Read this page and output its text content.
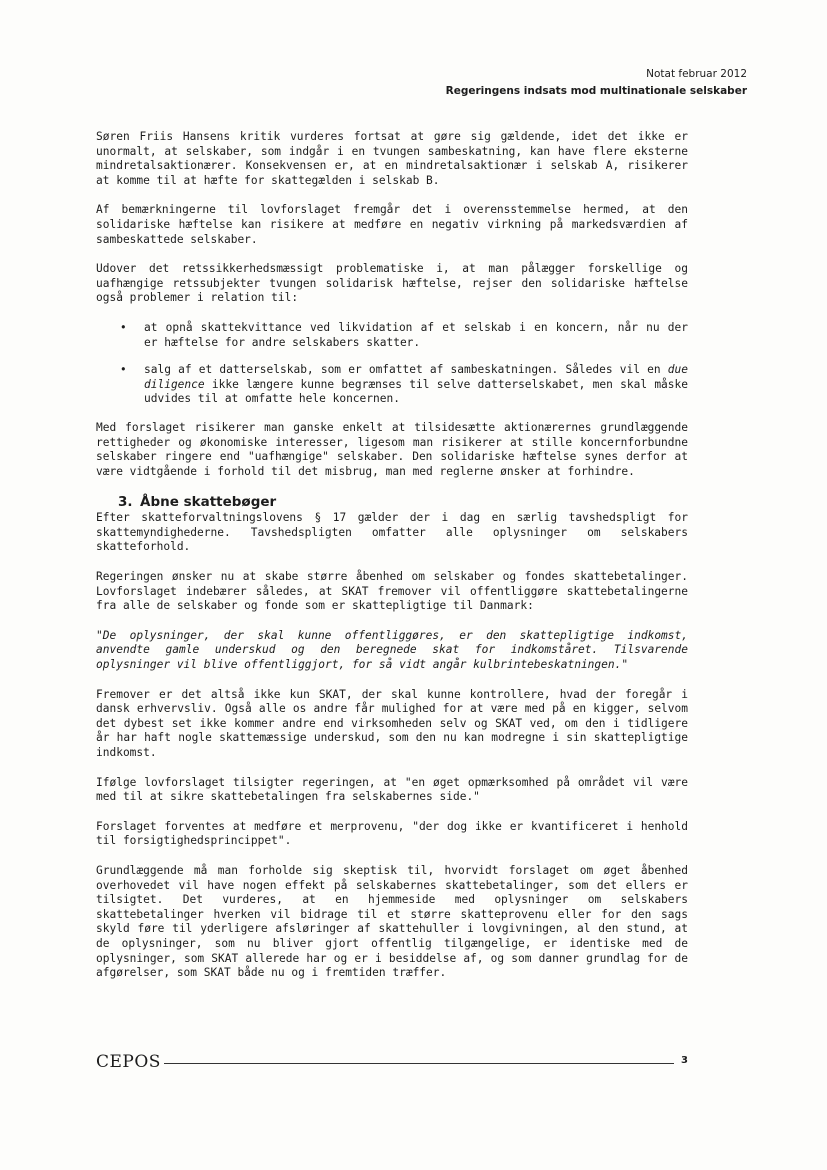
Notat februar 2012
Regeringens indsats mod multinationale selskaber

Søren Friis Hansens kritik vurderes fortsat at gøre sig gældende, idet det ikke er unormalt, at selskaber, som indgår i en tvungen sambeskatning, kan have flere eksterne mindretalsaktionærer. Konsekvensen er, at en mindretalsaktionær i selskab A, risikerer at komme til at hæfte for skattegælden i selskab B.

Af bemærkningerne til lovforslaget fremgår det i overensstemmelse hermed, at den solidariske hæftelse kan risikere at medføre en negativ virkning på markedsværdien af sambeskattede selskaber.

Udover det retssikkerhedsmæssigt problematiske i, at man pålægger forskellige og uafhængige retssubjekter tvungen solidarisk hæftelse, rejser den solidariske hæftelse også problemer i relation til:

• at opnå skattekvittance ved likvidation af et selskab i en koncern, når nu der er hæftelse for andre selskabers skatter.
• salg af et datterselskab, som er omfattet af sambeskatningen. Således vil en due diligence ikke længere kunne begrænses til selve datterselskabet, men skal måske udvides til at omfatte hele koncernen.

Med forslaget risikerer man ganske enkelt at tilsidesætte aktionærernes grundlæggende rettigheder og økonomiske interesser, ligesom man risikerer at stille koncernforbundne selskaber ringere end "uafhængige" selskaber. Den solidariske hæftelse synes derfor at være vidtgående i forhold til det misbrug, man med reglerne ønsker at forhindre.

3. Åbne skattebøger

Efter skatteforvaltningslovens § 17 gælder der i dag en særlig tavshedspligt for skattemyndighederne. Tavshedspligten omfatter alle oplysninger om selskabers skatteforhold.

Regeringen ønsker nu at skabe større åbenhed om selskaber og fondes skattebetalinger. Lovforslaget indebærer således, at SKAT fremover vil offentliggøre skattebetalingerne fra alle de selskaber og fonde som er skattepligtige til Danmark:

"De oplysninger, der skal kunne offentliggøres, er den skattepligtige indkomst, anvendte gamle underskud og den beregnede skat for indkomståret. Tilsvarende oplysninger vil blive offentliggjort, for så vidt angår kulbrintebeskatningen."

Fremover er det altså ikke kun SKAT, der skal kunne kontrollere, hvad der foregår i dansk erhvervsliv. Også alle os andre får mulighed for at være med på en kigger, selvom det dybest set ikke kommer andre end virksomheden selv og SKAT ved, om den i tidligere år har haft nogle skattemæssige underskud, som den nu kan modregne i sin skattepligtige indkomst.

Ifølge lovforslaget tilsigter regeringen, at "en øget opmærksomhed på området vil være med til at sikre skattebetalingen fra selskabernes side."

Forslaget forventes at medføre et merprovenu, "der dog ikke er kvantificeret i henhold til forsigtighedsprincippet".

Grundlæggende må man forholde sig skeptisk til, hvorvidt forslaget om øget åbenhed overhovedet vil have nogen effekt på selskabernes skattebetalinger, som det ellers er tilsigtet. Det vurderes, at en hjemmeside med oplysninger om selskabers skattebetalinger hverken vil bidrage til et større skatteprovenu eller for den sags skyld føre til yderligere afsløringer af skattehuller i lovgivningen, al den stund, at de oplysninger, som nu bliver gjort offentlig tilgængelige, er identiske med de oplysninger, som SKAT allerede har og er i besiddelse af, og som danner grundlag for de afgørelser, som SKAT både nu og i fremtiden træffer.

CEPOS	3
